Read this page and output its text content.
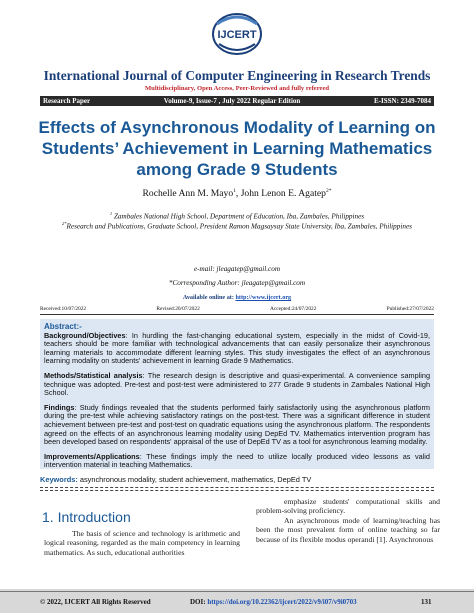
IJCERT
International Journal of Computer Engineering in Research Trends
Multidisciplinary, Open Access, Peer-Reviewed and fully refereed
Research Paper	Volume-9, Issue-7 , July 2022 Regular Edition	E-ISSN: 2349-7084
Effects of Asynchronous Modality of Learning on Students’ Achievement in Learning Mathematics among Grade 9 Students
Rochelle Ann M. Mayo$^1$, John Lenon E. Agatep$^{2*}$
$^1$ Zambales National High School, Department of Education, Iba, Zambales, Philippines
$^{2*}$Research and Publications, Graduate School, President Ramon Magsaysay State University, Iba, Zambales, Philippines
e-mail: jleagatep@gmail.com
*Corresponding Author: jleagatep@gmail.com
Available online at: http://www.ijcert.org
Received:10/07/2022	Revised:20/07/2022	Accepted:24/07/2022	Published:27/07/2022
Abstract:-

Background/Objectives: In hurdling the fast-changing educational system, especially in the midst of Covid-19, teachers should be more familiar with technological advancements that can easily personalize their asynchronous learning materials to accommodate different learning styles. This study investigates the effect of an asynchronous learning modality on students' achievement in learning Grade 9 Mathematics.

Methods/Statistical analysis: The research design is descriptive and quasi-experimental. A convenience sampling technique was adopted. Pre-test and post-test were administered to 277 Grade 9 students in Zambales National High School.

Findings: Study findings revealed that the students performed fairly satisfactorily using the asynchronous platform during the pre-test while achieving satisfactory ratings on the post-test. There was a significant difference in student achievement between pre-test and post-test on quadratic equations using the asynchronous platform. The respondents agreed on the effects of an asynchronous learning modality using DepEd TV. Mathematics intervention program has been developed based on respondents' appraisal of the use of DepEd TV as a tool for asynchronous learning modality.

Improvements/Applications: These findings imply the need to utilize locally produced video lessons as valid intervention material in teaching Mathematics.

Keywords: asynchronous modality, student achievement, mathematics, DepEd TV
1. Introduction
The basis of science and technology is arithmetic and logical reasoning, regarded as the main competency in learning mathematics. As such, educational authorities
emphasize students' computational skills and problem-solving proficiency.
An asynchronous mode of learning/teaching has been the most prevalent form of online teaching so far because of its flexible modus operandi [1]. Asynchronous
© 2022, IJCERT All Rights Reserved	DOI: https://doi.org/10.22362/ijcert/2022/v9/i07/v9i0703	131
